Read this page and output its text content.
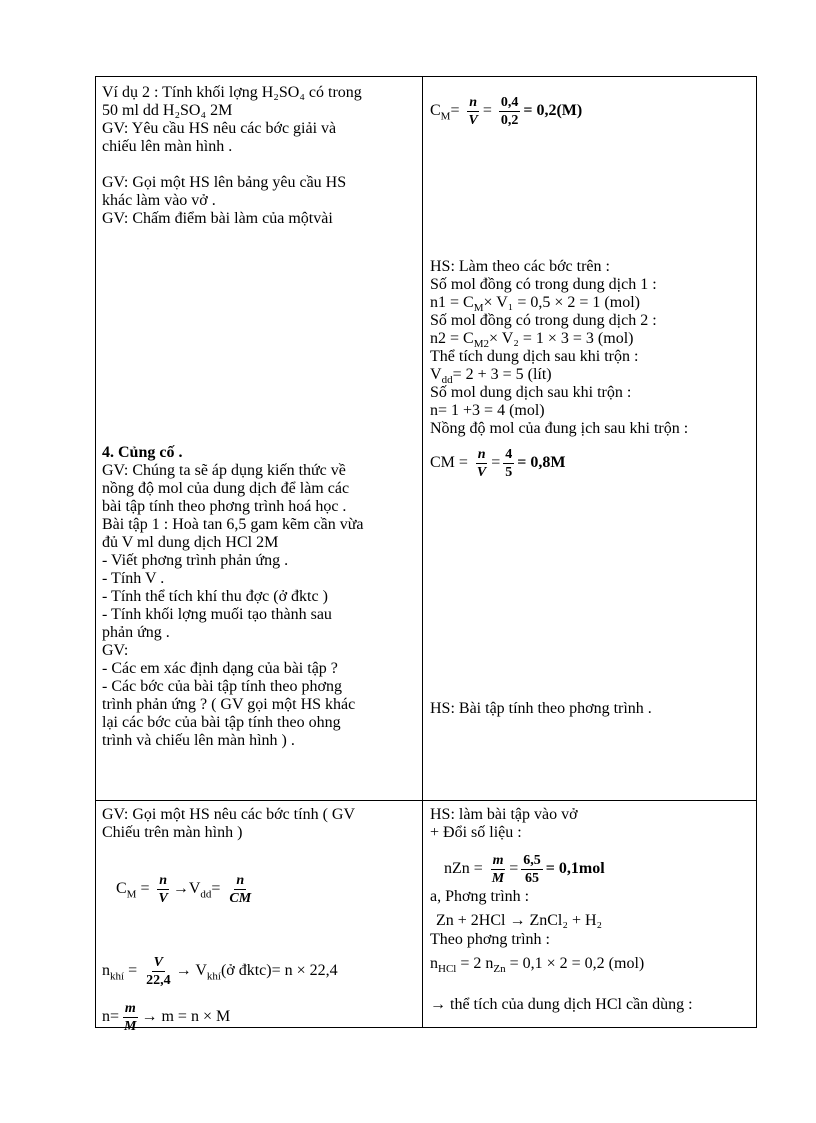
Ví dụ 2 : Tính khối lợng H₂SO₄ có trong
50 ml dd H₂SO₄ 2M
GV: Yêu cầu HS nêu các bớc giải và
chiếu lên màn hình .
GV: Gọi một HS lên bảng yêu cầu HS
khác làm vào vở .
GV: Chấm điểm bài làm của mộtvài
4. Củng cố .
GV: Chúng ta sẽ áp dụng kiến thức về
nồng độ mol của dung dịch để làm các
bài tập tính theo phơng trình hoá học .
Bài tập 1 : Hoà tan 6,5 gam kẽm cần vừa
đủ V ml dung dịch HCl 2M
- Viết phơng trình phản ứng .
- Tính V .
- Tính thể tích khí thu đợc (ở đktc )
- Tính khối lợng muối tạo thành sau
phản ứng .
GV:
- Các em xác định dạng của bài tập ?
- Các bớc của bài tập tính theo phơng
trình phản ứng ? ( GV gọi một HS khác
lại các bớc của bài tập tính theo ohng
trình và chiếu lên màn hình ) .
GV: Gọi một HS nêu các bớc tính ( GV
Chiếu trên màn hình )
$C_M = \frac{n}{V} \to V_{dd}= \frac{n}{CM}$
$n_{khí} = \frac{V}{22,4}$ → $V_{khí}(ở$ đktc)= n × 22,4
$n= \frac{m}{M} \to m = n \times M$
$C_M= \frac{n}{V} = \frac{0,4}{0,2} = 0,2(M)$
HS: Làm theo các bớc trên :
Số mol đồng có trong dung dịch 1 :
$n1 = C_M\times V_1 = 0,5 \times 2 = 1$ (mol)
Số mol đồng có trong dung dịch 2 :
$n2 = C_{M2}\times V_2 = 1 \times 3 = 3$ (mol)
Thể tích dung dịch sau khi trộn :
$V_{dd}= 2 + 3 = 5$ (lít)
Số mol dung dịch sau khi trộn :
n= 1 +3 = 4 (mol)
Nồng độ mol của đung ịch sau khi trộn :
CM = $\frac{n}{V} = \frac{4}{5} = 0,8M$
HS: Bài tập tính theo phơng trình .
HS: làm bài tập vào vở
+ Đổi số liệu :
nZn = $\frac{m}{M} = \frac{6,5}{65} = 0,1mol$
a, Phơng trình :
Zn + 2HCl → ZnCl₂ + H₂
Theo phơng trình :
$n_{HCl} = 2$ $n_{Zn} = 0,1 \times 2 = 0,2$ (mol)
→ thể tích của dung dịch HCl cần dùng :
